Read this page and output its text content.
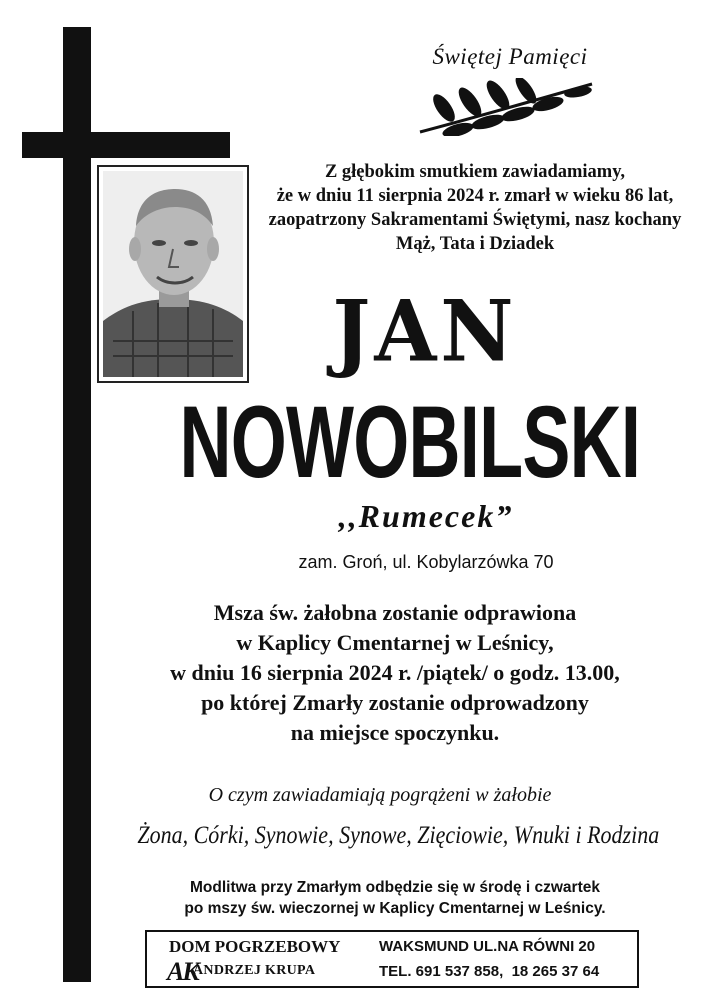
Świętej Pamięci
Z głębokim smutkiem zawiadamiamy,
że w dniu 11 sierpnia 2024 r. zmarł w wieku 86 lat,
zaopatrzony Sakramentami Świętymi, nasz kochany
Mąż, Tata i Dziadek
JAN
NOWOBILSKI
,,Rumecek”
zam. Groń, ul. Kobylarzówka 70
Msza św. żałobna zostanie odprawiona
w Kaplicy Cmentarnej w Leśnicy,
w dniu 16 sierpnia 2024 r. /piątek/ o godz. 13.00,
po której Zmarły zostanie odprowadzony
na miejsce spoczynku.
O czym zawiadamiają pogrążeni w żałobie
Żona, Córki, Synowie, Synowe, Zięciowie, Wnuki i Rodzina
Modlitwa przy Zmarłym odbędzie się w środę i czwartek
po mszy św. wieczornej w Kaplicy Cmentarnej w Leśnicy.
DOM POGRZEBOWY
AK
ANDRZEJ KRUPA
WAKSMUND UL.NA RÓWNI 20
TEL. 691 537 858,  18 265 37 64
